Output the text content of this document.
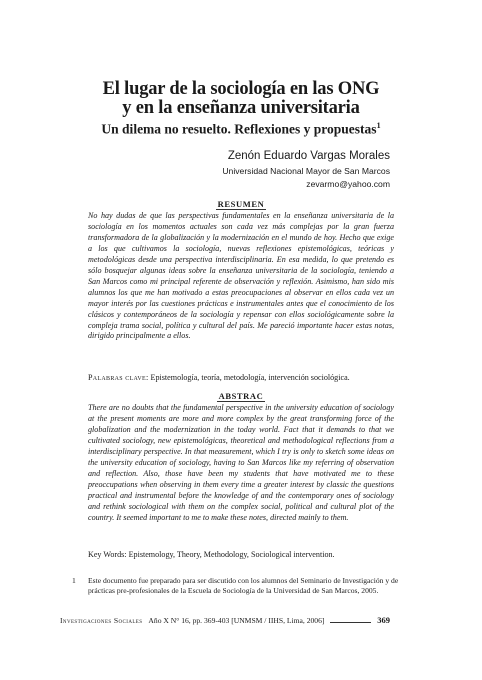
El lugar de la sociología en las ONG
y en la enseñanza universitaria
Un dilema no resuelto. Reflexiones y propuestas$^1$
Zenón Eduardo Vargas Morales
Universidad Nacional Mayor de San Marcos
zevarmo@yahoo.com
RESUMEN
No hay dudas de que las perspectivas fundamentales en la enseñanza universitaria de la sociología en los momentos actuales son cada vez más complejas por la gran fuerza transformadora de la globalización y la modernización en el mundo de hoy. Hecho que exige a los que cultivamos la sociología, nuevas reflexiones epistemológicas, teóricas y metodológicas desde una perspectiva interdisciplinaria. En esa medida, lo que pretendo es sólo bosquejar algunas ideas sobre la enseñanza universitaria de la sociología, teniendo a San Marcos como mi principal referente de observación y reflexión. Asimismo, han sido mis alumnos los que me han motivado a estas preocupaciones al observar en ellos cada vez un mayor interés por las cuestiones prácticas e instrumentales antes que el conocimiento de los clásicos y contemporáneos de la sociología y repensar con ellos sociológicamente sobre la compleja trama social, política y cultural del país. Me pareció importante hacer estas notas, dirigido principalmente a ellos.
Palabras clave: Epistemología, teoría, metodología, intervención sociológica.
ABSTRAC
There are no doubts that the fundamental perspective in the university education of sociology at the present moments are more and more complex by the great transforming force of the globalization and the modernization in the today world. Fact that it demands to that we cultivated sociology, new epistemológicas, theoretical and methodological reflections from a interdisciplinary perspective. In that measurement, which I try is only to sketch some ideas on the university education of sociology, having to San Marcos like my referring of observation and reflection. Also, those have been my students that have motivated me to these preoccupations when observing in them every time a greater interest by classic the questions practical and instrumental before the knowledge of and the contemporary ones of sociology and rethink sociological with them on the complex social, political and cultural plot of the country. It seemed important to me to make these notes, directed mainly to them.
Key Words: Epistemology, Theory, Methodology, Sociological intervention.
1 Este documento fue preparado para ser discutido con los alumnos del Seminario de Investigación y de prácticas pre-profesionales de la Escuela de Sociología de la Universidad de San Marcos, 2005.
Investigaciones Sociales Año X N° 16, pp. 369-403 [UNMSM / IIHS, Lima, 2006]	369
